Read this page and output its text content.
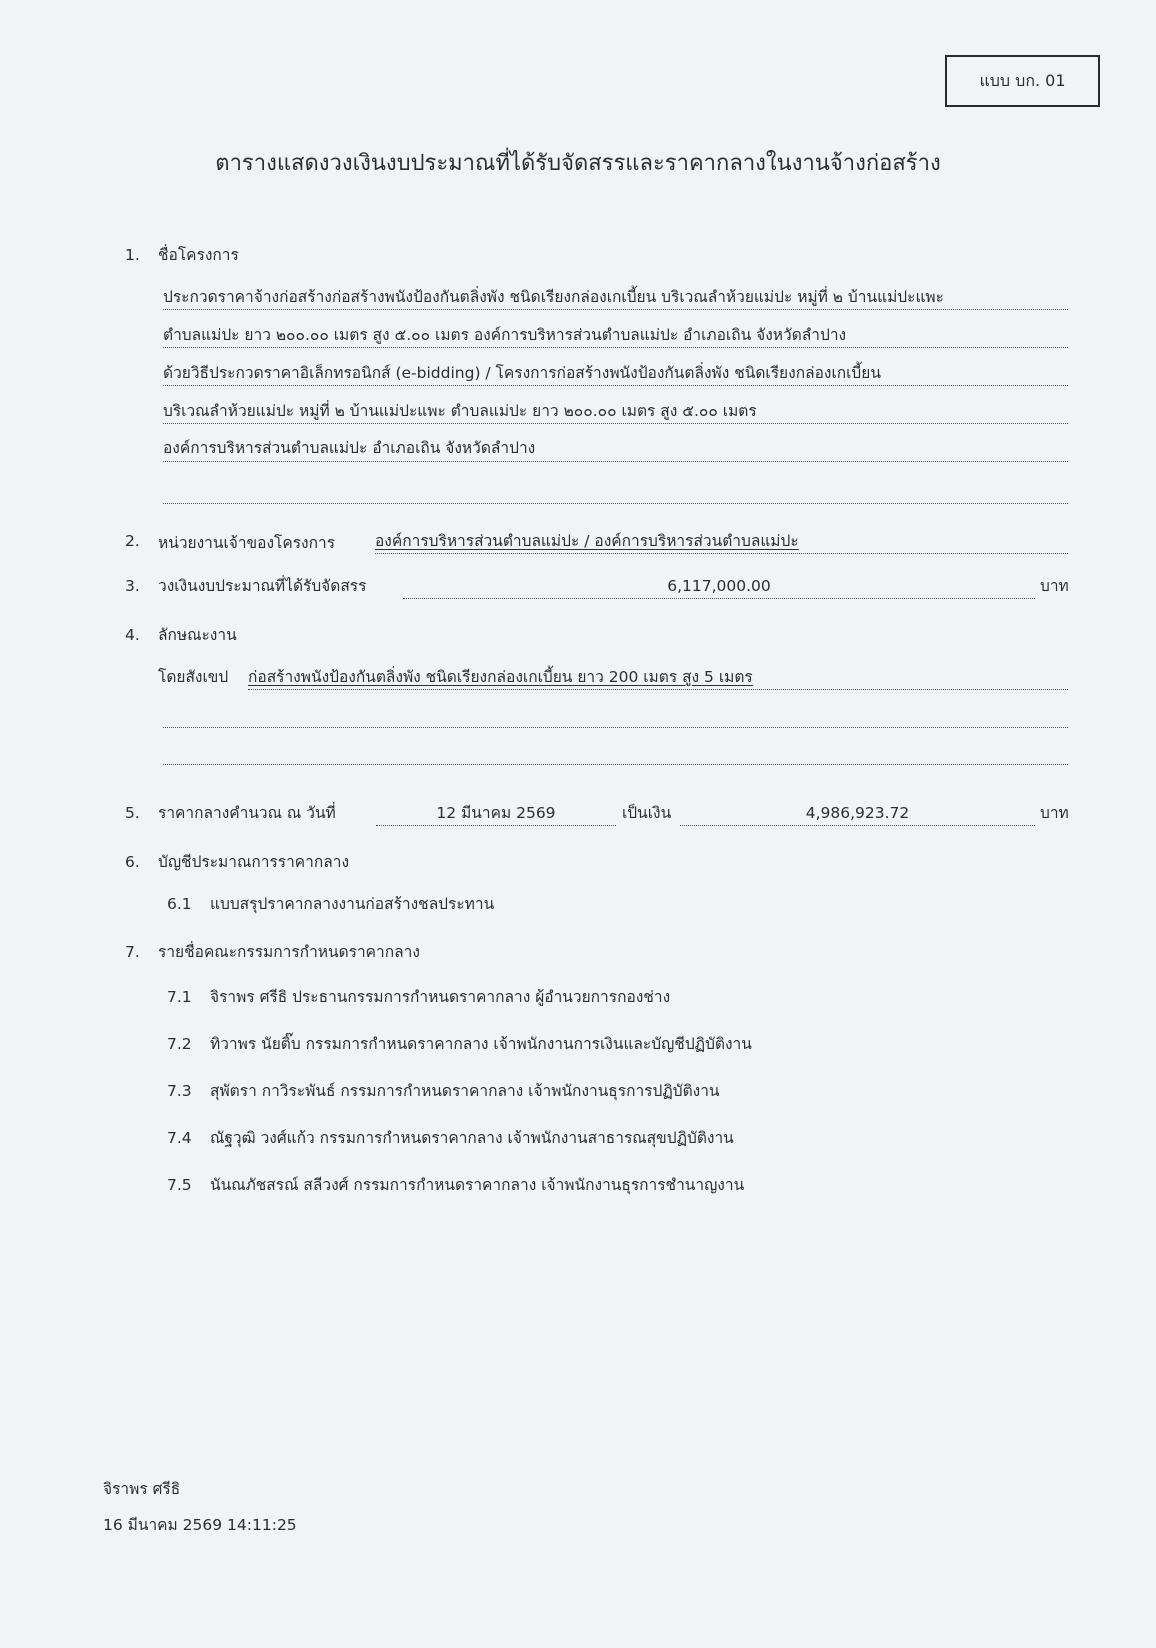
แบบ บก. 01
ตารางแสดงวงเงินงบประมาณที่ได้รับจัดสรรและราคากลางในงานจ้างก่อสร้าง
1. ชื่อโครงการ
ประกวดราคาจ้างก่อสร้างก่อสร้างพนังป้องกันตลิ่งพัง ชนิดเรียงกล่องเกเบี้ยน บริเวณลำห้วยแม่ปะ หมู่ที่ ๒ บ้านแม่ปะแพะ
ตำบลแม่ปะ ยาว ๒๐๐.๐๐ เมตร สูง ๕.๐๐ เมตร องค์การบริหารส่วนตำบลแม่ปะ อำเภอเถิน จังหวัดลำปาง
ด้วยวิธีประกวดราคาอิเล็กทรอนิกส์ (e-bidding) / โครงการก่อสร้างพนังป้องกันตลิ่งพัง ชนิดเรียงกล่องเกเบี้ยน
บริเวณลำห้วยแม่ปะ หมู่ที่ ๒ บ้านแม่ปะแพะ ตำบลแม่ปะ ยาว ๒๐๐.๐๐ เมตร สูง ๕.๐๐ เมตร
องค์การบริหารส่วนตำบลแม่ปะ อำเภอเถิน จังหวัดลำปาง
2. หน่วยงานเจ้าของโครงการ	องค์การบริหารส่วนตำบลแม่ปะ / องค์การบริหารส่วนตำบลแม่ปะ
3. วงเงินงบประมาณที่ได้รับจัดสรร	6,117,000.00	บาท
4. ลักษณะงาน
โดยสังเขป ก่อสร้างพนังป้องกันตลิ่งพัง ชนิดเรียงกล่องเกเบี้ยน ยาว 200 เมตร สูง 5 เมตร
5. ราคากลางคำนวณ ณ วันที่	12 มีนาคม 2569	เป็นเงิน	4,986,923.72	บาท
6. บัญชีประมาณการราคากลาง
6.1 แบบสรุปราคากลางงานก่อสร้างชลประทาน
7. รายชื่อคณะกรรมการกำหนดราคากลาง
7.1 จิราพร ศรีธิ ประธานกรรมการกำหนดราคากลาง ผู้อำนวยการกองช่าง
7.2 ทิวาพร นัยติ๊บ กรรมการกำหนดราคากลาง เจ้าพนักงานการเงินและบัญชีปฏิบัติงาน
7.3 สุพัตรา กาวิระพันธ์ กรรมการกำหนดราคากลาง เจ้าพนักงานธุรการปฏิบัติงาน
7.4 ณัฐวุฒิ วงศ์แก้ว กรรมการกำหนดราคากลาง เจ้าพนักงานสาธารณสุขปฏิบัติงาน
7.5 นันณภัชสรณ์ สลีวงศ์ กรรมการกำหนดราคากลาง เจ้าพนักงานธุรการชำนาญงาน
จิราพร ศรีธิ
16 มีนาคม 2569 14:11:25
